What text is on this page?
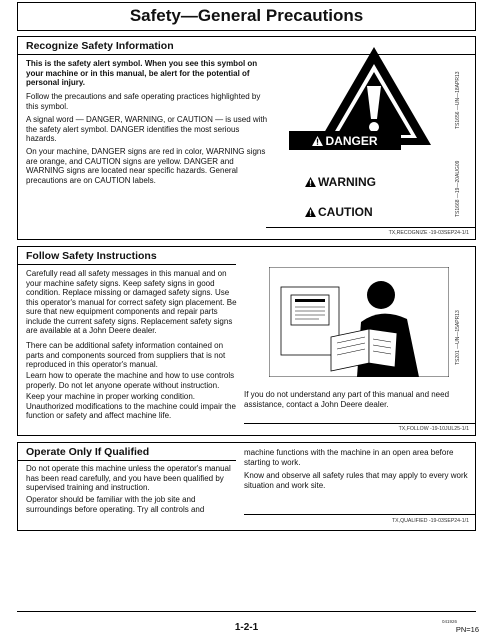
Safety—General Precautions
Recognize Safety Information

This is the safety alert symbol. When you see this symbol on your machine or in this manual, be alert for the potential of personal injury.

Follow the precautions and safe operating practices highlighted by this symbol.

A signal word — DANGER, WARNING, or CAUTION — is used with the safety alert symbol. DANGER identifies the most serious hazards.

On your machine, DANGER signs are red in color, WARNING signs are orange, and CAUTION signs are yellow. DANGER and WARNING signs are located near specific hazards. General precautions are on CAUTION labels.

TS1656 —UN—18APR13
DANGER
WARNING
CAUTION	TS1668 —19—20AUG09
TX,RECOGNIZE -19-03SEP24-1/1
Follow Safety Instructions

Carefully read all safety messages in this manual and on your machine safety signs. Keep safety signs in good condition. Replace missing or damaged safety signs. Use this operator's manual for correct safety sign placement. Be sure that new equipment components and repair parts include the current safety signs. Replacement safety signs are available at a John Deere dealer.

There can be additional safety information contained on parts and components sourced from suppliers that is not reproduced in this operator's manual.

Learn how to operate the machine and how to use controls properly. Do not let anyone operate without instruction.

Keep your machine in proper working condition. Unauthorized modifications to the machine could impair the function or safety and affect machine life.

TS201 —UN—15APR13

If you do not understand any part of this manual and need assistance, contact a John Deere dealer.

TX,FOLLOW -19-10JUL25-1/1
Operate Only If Qualified

Do not operate this machine unless the operator's manual has been read carefully, and you have been qualified by supervised training and instruction.

Operator should be familiar with the job site and surroundings before operating. Try all controls and

machine functions with the machine in an open area before starting to work.

Know and observe all safety rules that may apply to every work situation and work site.

TX,QUALIFIED -19-03SEP24-1/1
1-2-1
041926
PN=16
